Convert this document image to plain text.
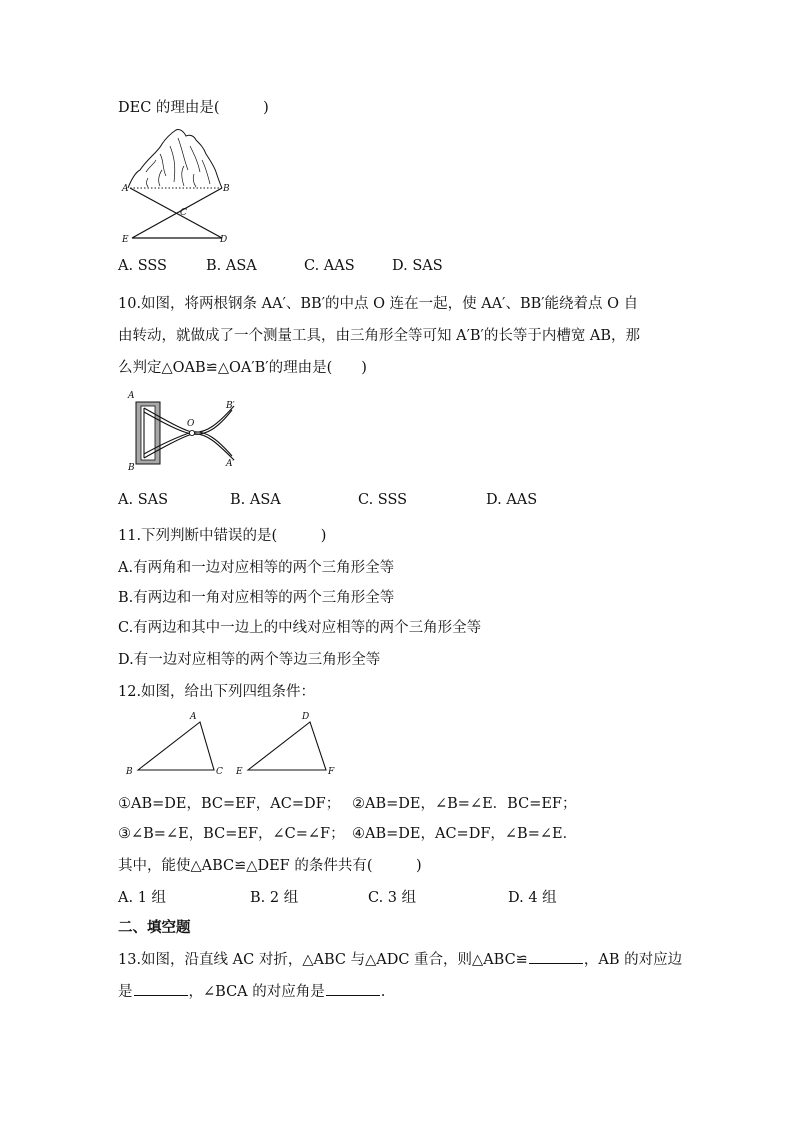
DEC 的理由是(　　　)
A	B
C
D
E
A. SSS	B. ASA	C. AAS	D. SAS
10.如图，将两根钢条 AA′、BB′的中点 O 连在一起，使 AA′、BB′能绕着点 O 自
由转动，就做成了一个测量工具，由三角形全等可知 A′B′的长等于内槽宽 AB，那
么判定△OAB≌△OA′B′的理由是(　　)
A
B
O
B′
A′
A. SAS	B. ASA	C. SSS	D. AAS
11.下列判断中错误的是(　　　)
A.有两角和一边对应相等的两个三角形全等
B.有两边和一角对应相等的两个三角形全等
C.有两边和其中一边上的中线对应相等的两个三角形全等
D.有一边对应相等的两个等边三角形全等
12.如图，给出下列四组条件：
A
B	C
D
E	F
①AB=DE，BC=EF，AC=DF； ②AB=DE，∠B=∠E．BC=EF；
③∠B=∠E，BC=EF，∠C=∠F； ④AB=DE，AC=DF，∠B=∠E．
其中，能使△ABC≌△DEF 的条件共有(　　　)
A. 1 组	B. 2 组	C. 3 组	D. 4 组
二、填空题
13.如图，沿直线 AC 对折，△ABC 与△ADC 重合，则△ABC≌	，AB 的对应边
是	，∠BCA 的对应角是	.
